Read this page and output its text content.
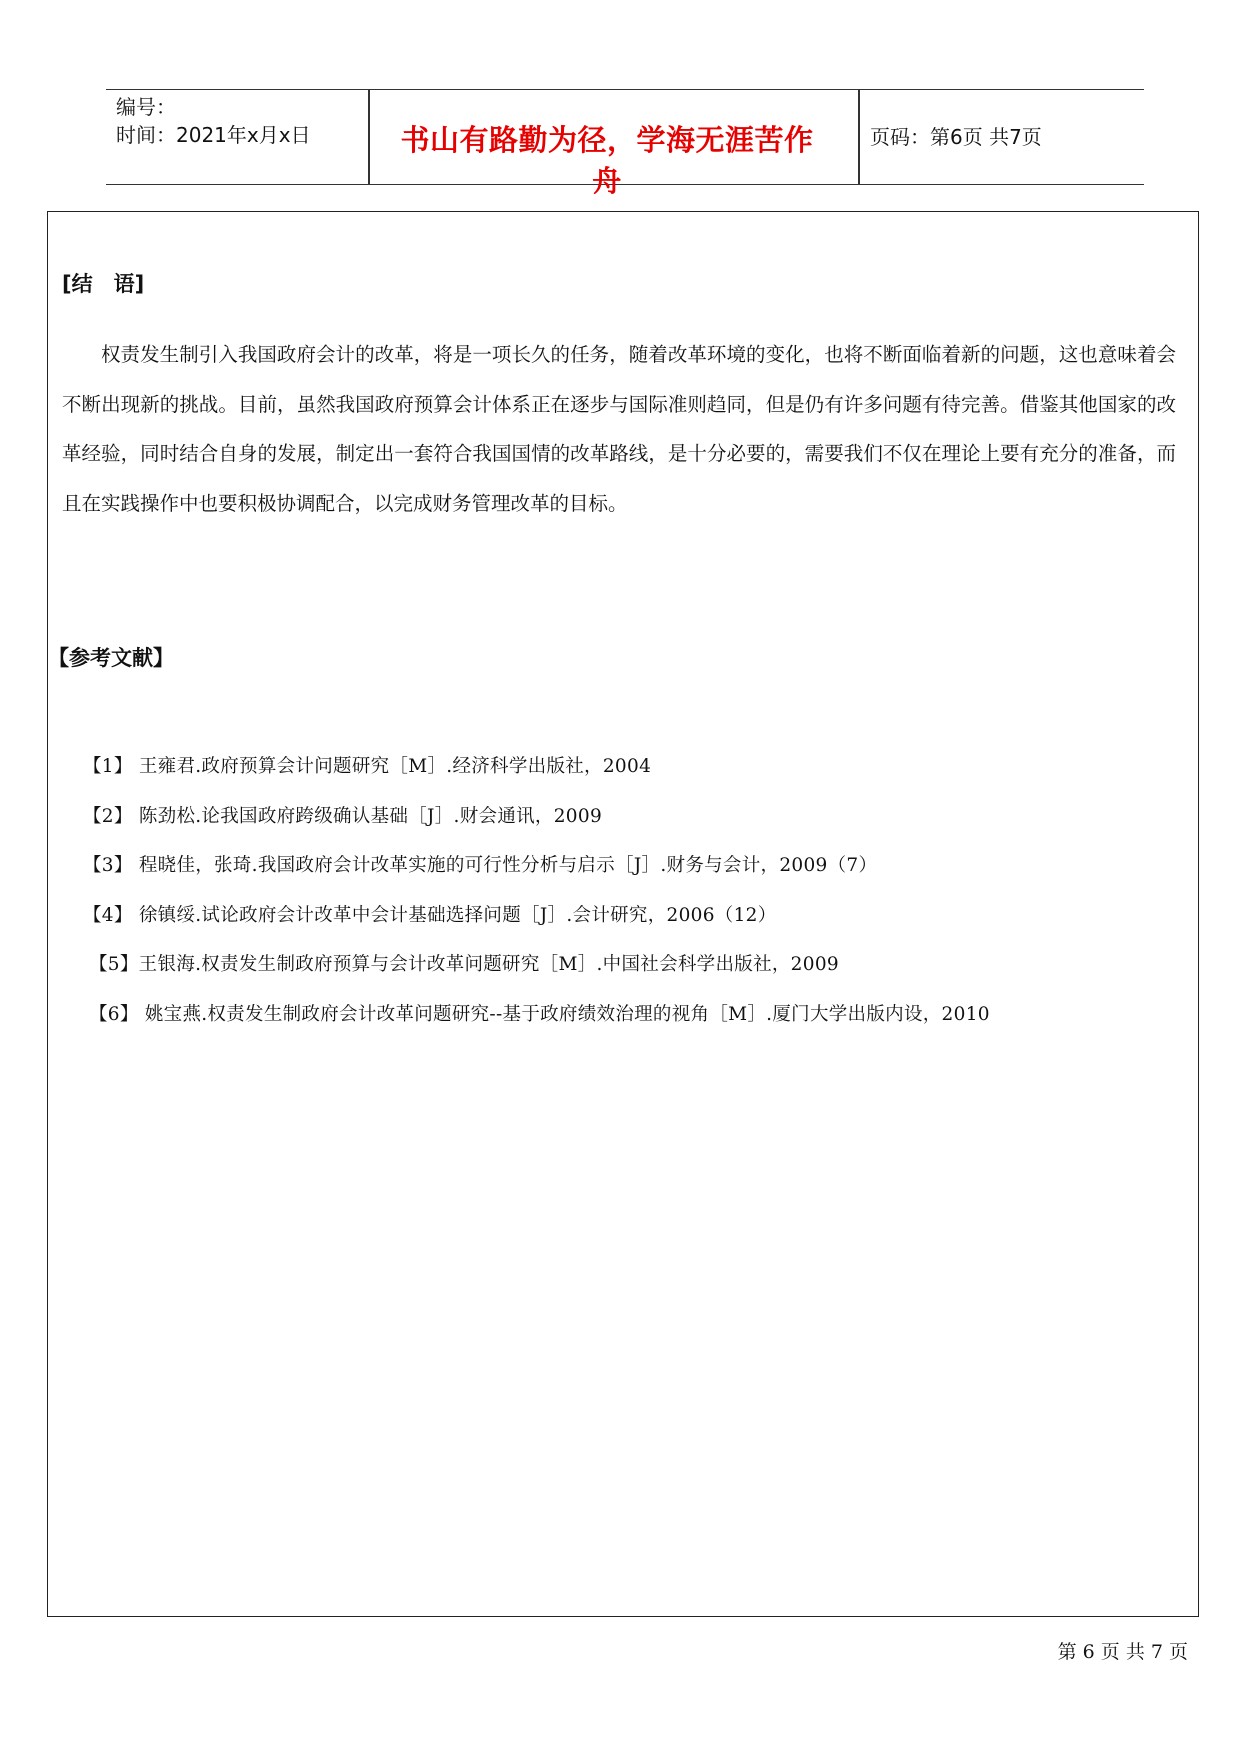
编号：
时间：2021年x月x日	书山有路勤为径，学海无涯苦作舟
页码：第6页 共7页
[结　语]
权责发生制引入我国政府会计的改革，将是一项长久的任务，随着改革环境的变化，也将不断面临着新的问题，这也意味着会不断出现新的挑战。目前，虽然我国政府预算会计体系正在逐步与国际准则趋同，但是仍有许多问题有待完善。借鉴其他国家的改革经验，同时结合自身的发展，制定出一套符合我国国情的改革路线，是十分必要的，需要我们不仅在理论上要有充分的准备，而且在实践操作中也要积极协调配合，以完成财务管理改革的目标。
【参考文献】
【1】 王雍君.政府预算会计问题研究［M］.经济科学出版社，2004
【2】 陈劲松.论我国政府跨级确认基础［J］.财会通讯，2009
【3】 程晓佳，张琦.我国政府会计改革实施的可行性分析与启示［J］.财务与会计，2009（7）
【4】 徐镇绥.试论政府会计改革中会计基础选择问题［J］.会计研究，2006（12）
【5】王银海.权责发生制政府预算与会计改革问题研究［M］.中国社会科学出版社，2009
【6】 姚宝燕.权责发生制政府会计改革问题研究--基于政府绩效治理的视角［M］.厦门大学出版内设，2010
第 6 页 共 7 页
